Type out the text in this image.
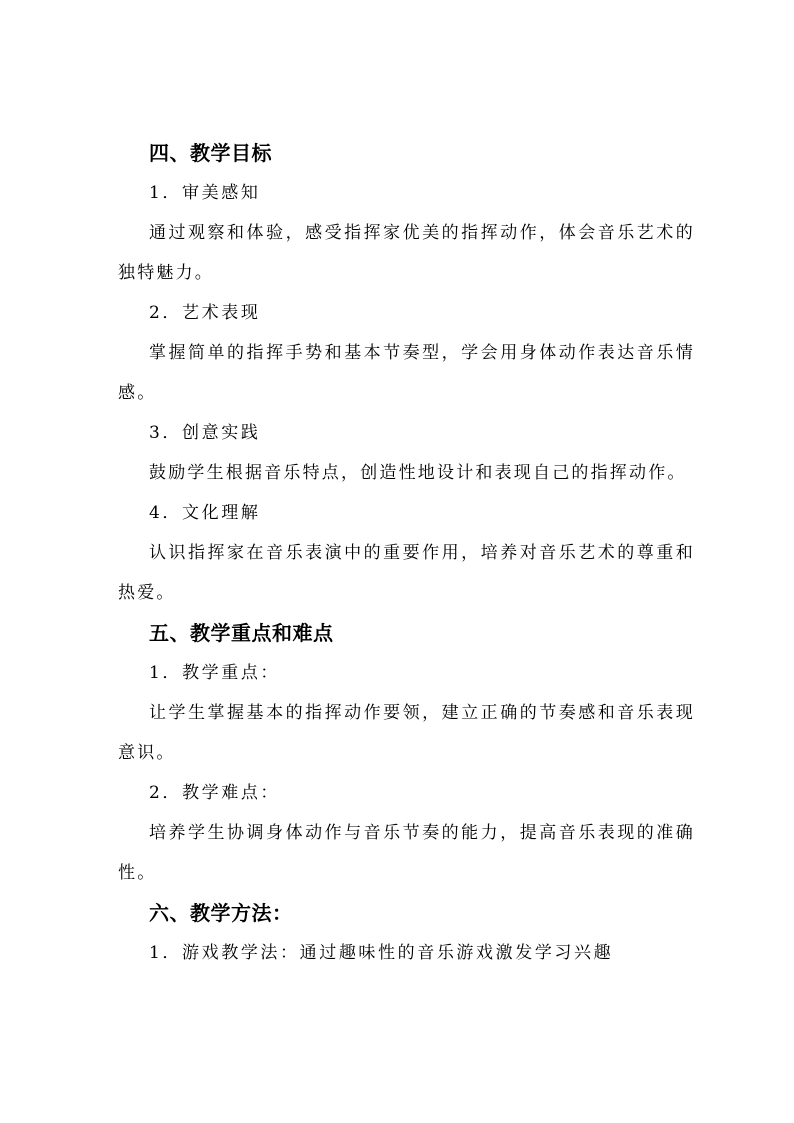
四、教学目标
1．审美感知

通过观察和体验，感受指挥家优美的指挥动作，体会音乐艺术的独特魅力。

2．艺术表现

掌握简单的指挥手势和基本节奏型，学会用身体动作表达音乐情感。

3．创意实践

鼓励学生根据音乐特点，创造性地设计和表现自己的指挥动作。

4．文化理解

认识指挥家在音乐表演中的重要作用，培养对音乐艺术的尊重和热爱。

五、教学重点和难点
1．教学重点：

让学生掌握基本的指挥动作要领，建立正确的节奏感和音乐表现意识。

2．教学难点：

培养学生协调身体动作与音乐节奏的能力，提高音乐表现的准确性。

六、教学方法：
1．游戏教学法：通过趣味性的音乐游戏激发学习兴趣
